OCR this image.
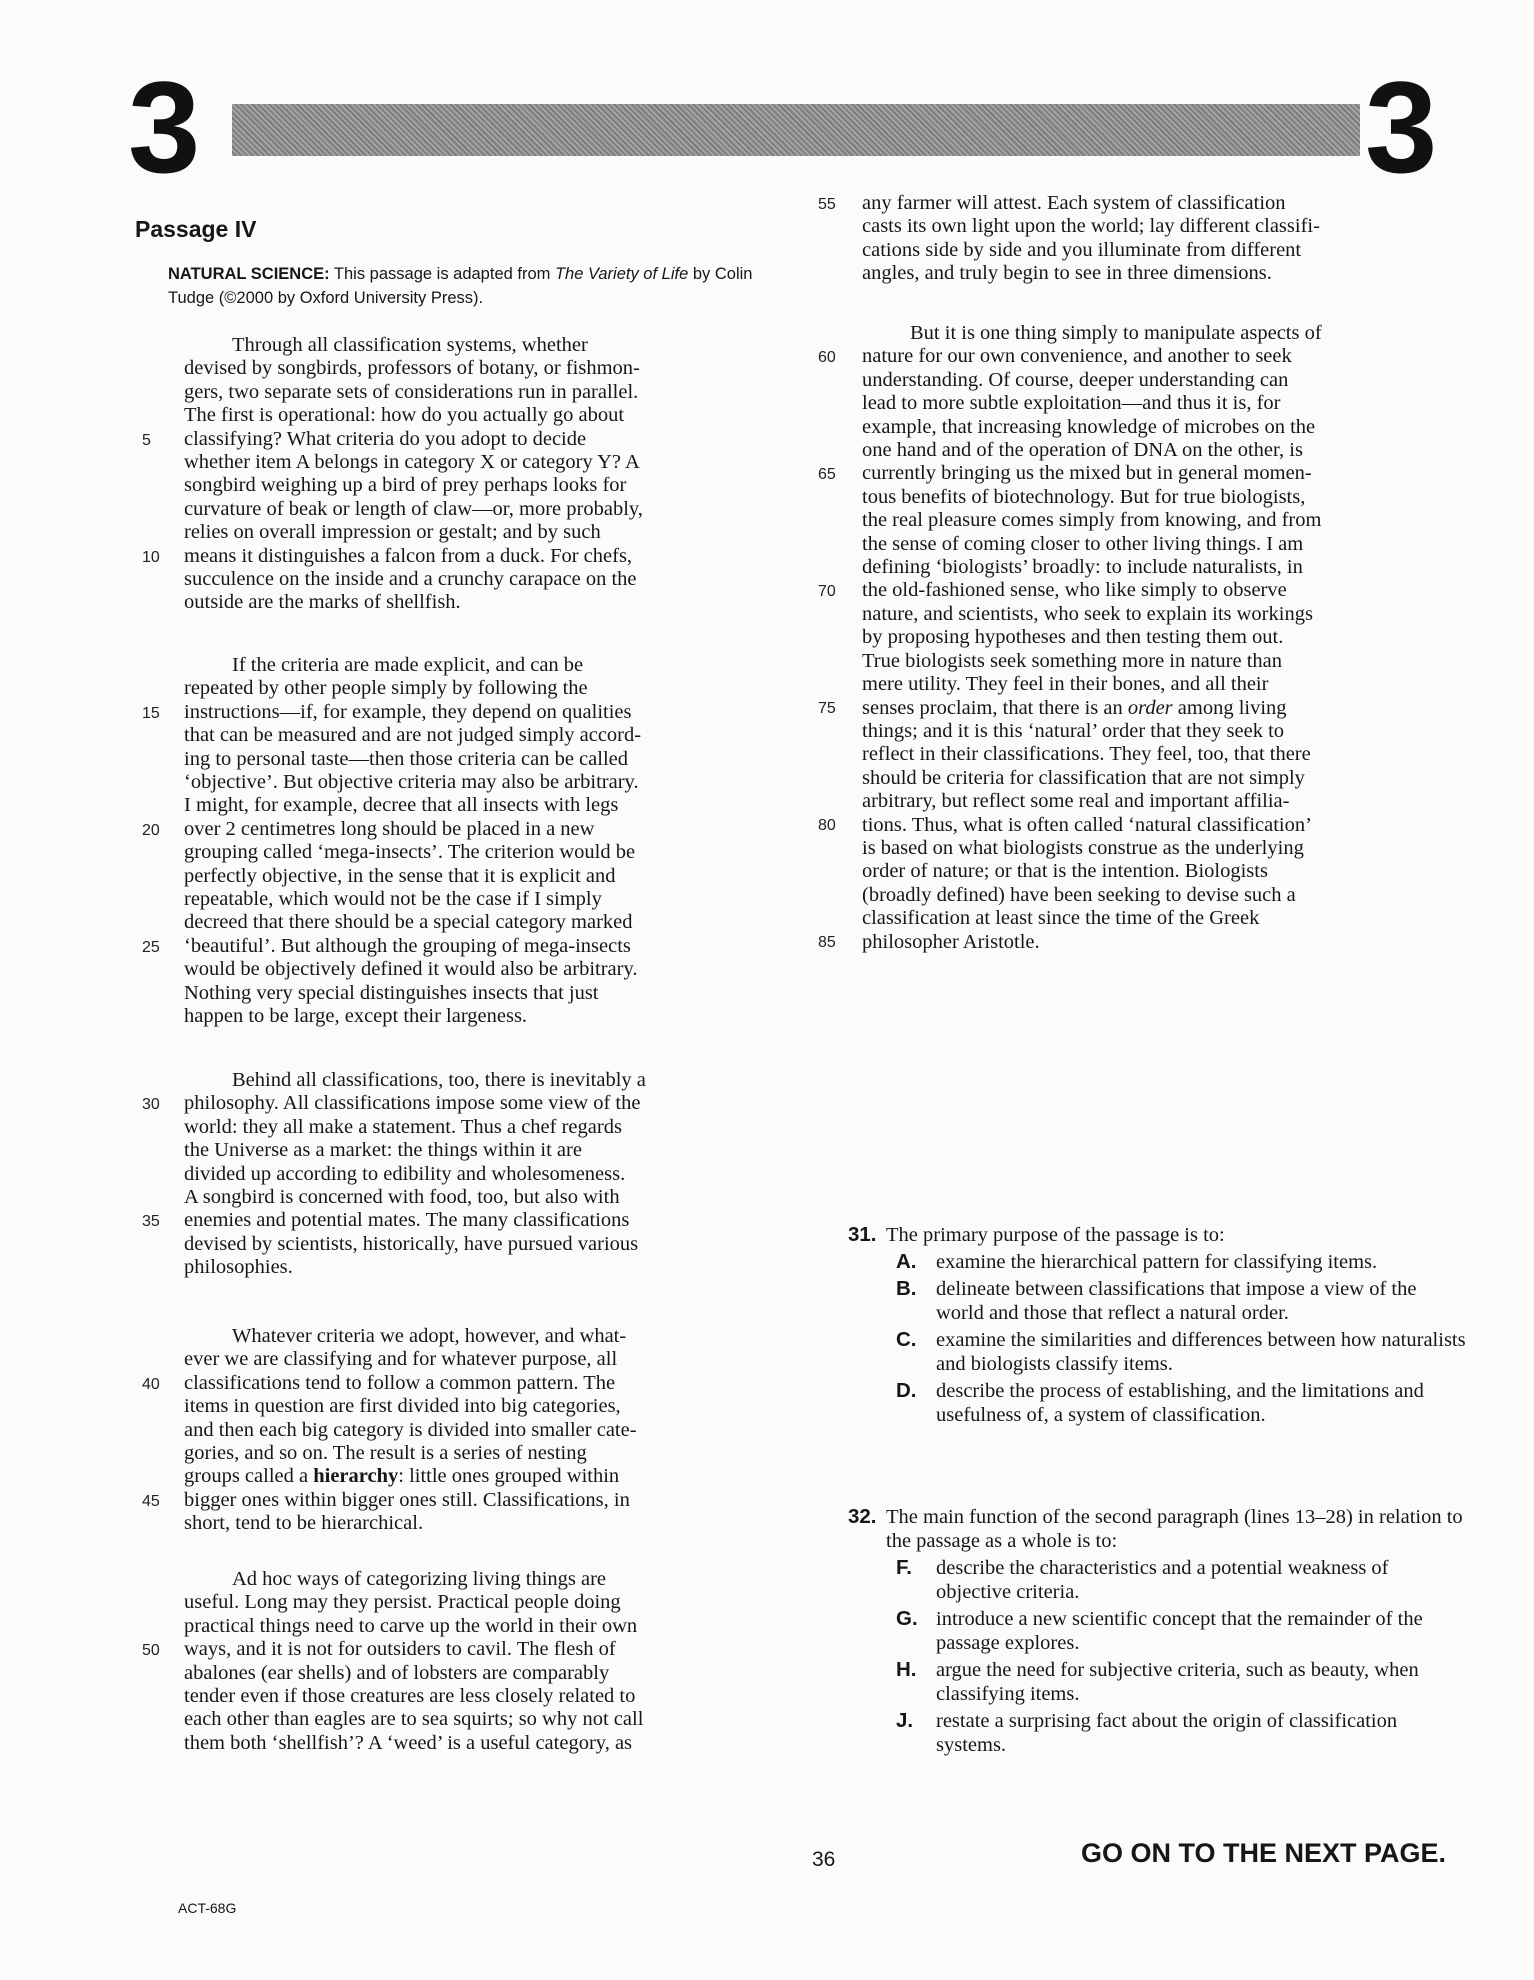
3	3
Passage IV
NATURAL SCIENCE: This passage is adapted from The Variety of Life by Colin Tudge (©2000 by Oxford University Press).
Through all classification systems, whether
devised by songbirds, professors of botany, or fishmon-
gers, two separate sets of considerations run in parallel.
The first is operational: how do you actually go about
classifying? What criteria do you adopt to decide
whether item A belongs in category X or category Y? A
songbird weighing up a bird of prey perhaps looks for
curvature of beak or length of claw—or, more probably,
relies on overall impression or gestalt; and by such
means it distinguishes a falcon from a duck. For chefs,
succulence on the inside and a crunchy carapace on the
outside are the marks of shellfish.
If the criteria are made explicit, and can be
repeated by other people simply by following the
instructions—if, for example, they depend on qualities
that can be measured and are not judged simply accord-
ing to personal taste—then those criteria can be called
‘objective’. But objective criteria may also be arbitrary.
I might, for example, decree that all insects with legs
over 2 centimetres long should be placed in a new
grouping called ‘mega-insects’. The criterion would be
perfectly objective, in the sense that it is explicit and
repeatable, which would not be the case if I simply
decreed that there should be a special category marked
‘beautiful’. But although the grouping of mega-insects
would be objectively defined it would also be arbitrary.
Nothing very special distinguishes insects that just
happen to be large, except their largeness.
Behind all classifications, too, there is inevitably a
philosophy. All classifications impose some view of the
world: they all make a statement. Thus a chef regards
the Universe as a market: the things within it are
divided up according to edibility and wholesomeness.
A songbird is concerned with food, too, but also with
enemies and potential mates. The many classifications
devised by scientists, historically, have pursued various
philosophies.
Whatever criteria we adopt, however, and what-
ever we are classifying and for whatever purpose, all
classifications tend to follow a common pattern. The
items in question are first divided into big categories,
and then each big category is divided into smaller cate-
gories, and so on. The result is a series of nesting
groups called a hierarchy: little ones grouped within
bigger ones within bigger ones still. Classifications, in
short, tend to be hierarchical.
Ad hoc ways of categorizing living things are
useful. Long may they persist. Practical people doing
practical things need to carve up the world in their own
ways, and it is not for outsiders to cavil. The flesh of
abalones (ear shells) and of lobsters are comparably
tender even if those creatures are less closely related to
each other than eagles are to sea squirts; so why not call
them both ‘shellfish’? A ‘weed’ is a useful category, as
any farmer will attest. Each system of classification
casts its own light upon the world; lay different classifi-
cations side by side and you illuminate from different
angles, and truly begin to see in three dimensions.
But it is one thing simply to manipulate aspects of
nature for our own convenience, and another to seek
understanding. Of course, deeper understanding can
lead to more subtle exploitation—and thus it is, for
example, that increasing knowledge of microbes on the
one hand and of the operation of DNA on the other, is
currently bringing us the mixed but in general momen-
tous benefits of biotechnology. But for true biologists,
the real pleasure comes simply from knowing, and from
the sense of coming closer to other living things. I am
defining ‘biologists’ broadly: to include naturalists, in
the old-fashioned sense, who like simply to observe
nature, and scientists, who seek to explain its workings
by proposing hypotheses and then testing them out.
True biologists seek something more in nature than
mere utility. They feel in their bones, and all their
senses proclaim, that there is an order among living
things; and it is this ‘natural’ order that they seek to
reflect in their classifications. They feel, too, that there
should be criteria for classification that are not simply
arbitrary, but reflect some real and important affilia-
tions. Thus, what is often called ‘natural classification’
is based on what biologists construe as the underlying
order of nature; or that is the intention. Biologists
(broadly defined) have been seeking to devise such a
classification at least since the time of the Greek
philosopher Aristotle.
31. The primary purpose of the passage is to:
A. examine the hierarchical pattern for classifying items.
B. delineate between classifications that impose a view of the world and those that reflect a natural order.
C. examine the similarities and differences between how naturalists and biologists classify items.
D. describe the process of establishing, and the limitations and usefulness of, a system of classification.
32. The main function of the second paragraph (lines 13–28) in relation to the passage as a whole is to:
F. describe the characteristics and a potential weakness of objective criteria.
G. introduce a new scientific concept that the remainder of the passage explores.
H. argue the need for subjective criteria, such as beauty, when classifying items.
J. restate a surprising fact about the origin of classification systems.
36	GO ON TO THE NEXT PAGE.
ACT-68G
5
10
15
20
25
30
35
40
45
50
55
60
65
70
75
80
85
